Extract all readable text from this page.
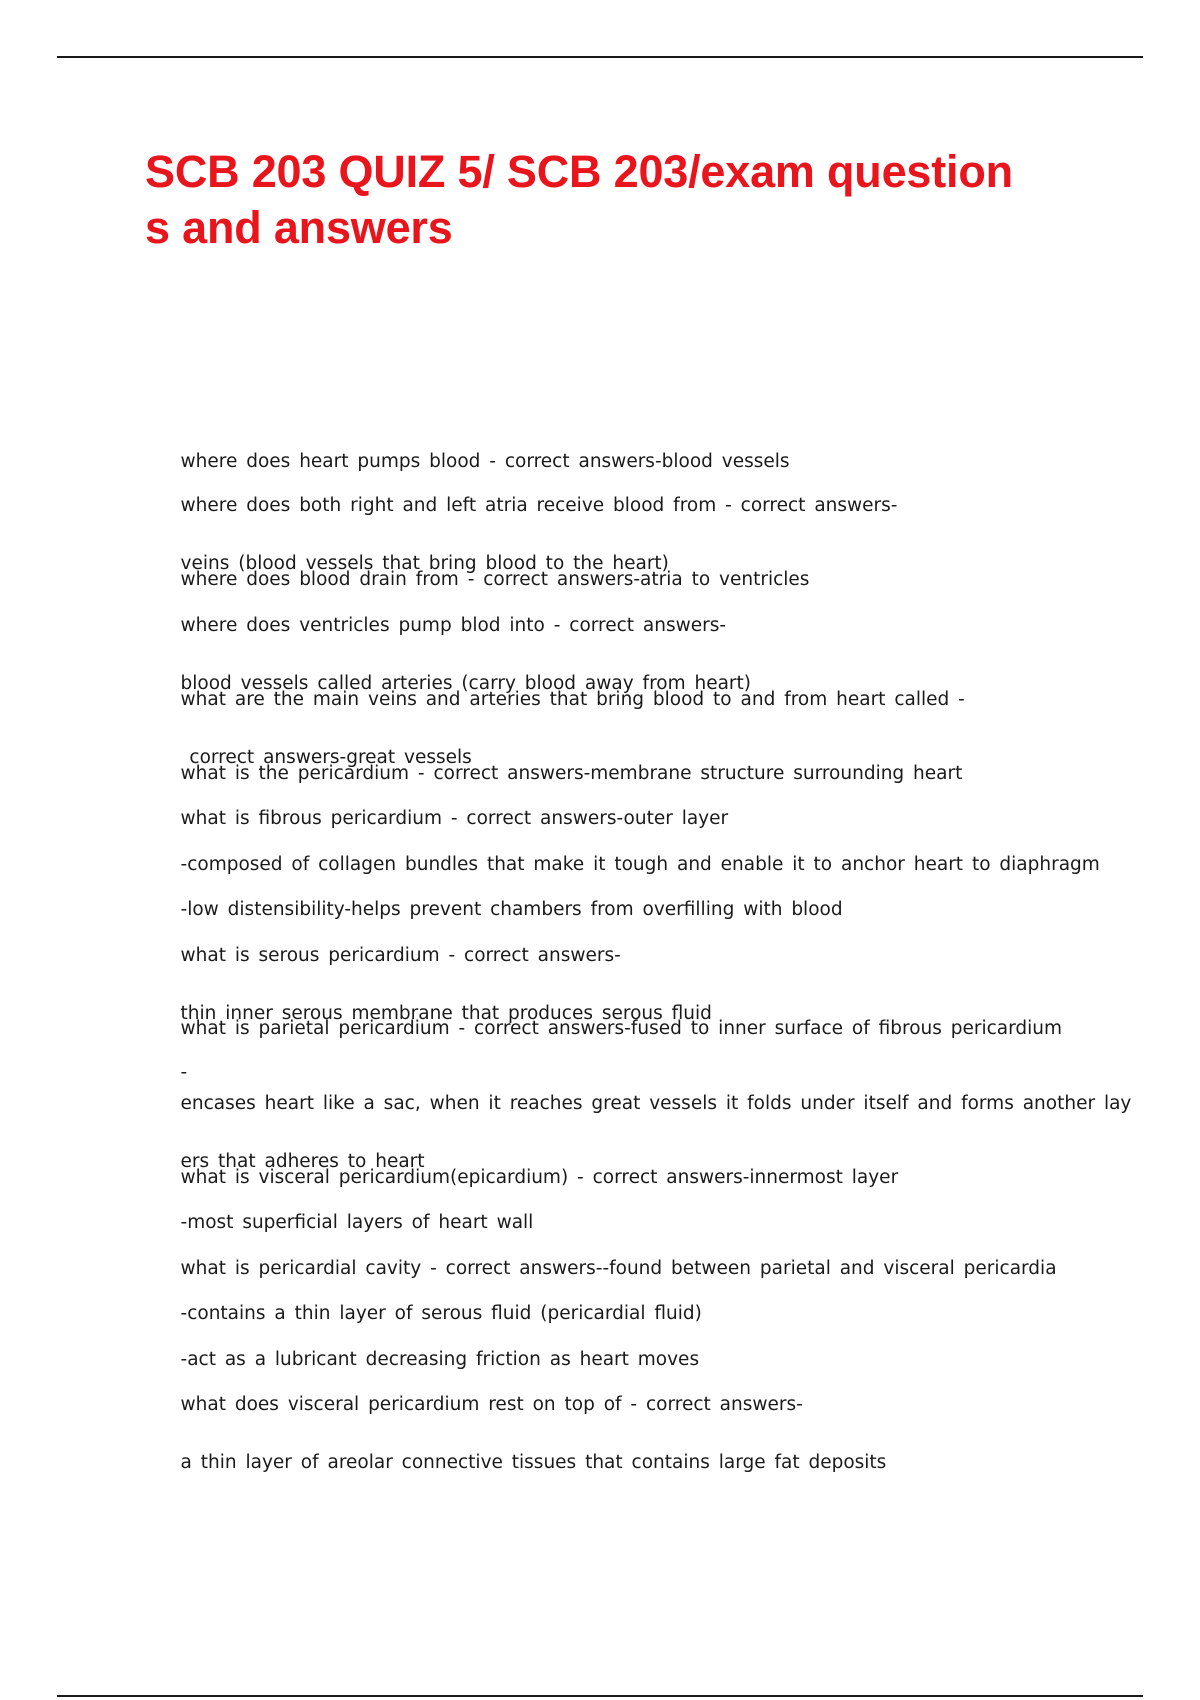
SCB 203 QUIZ 5/ SCB 203/exam question
s and answers

where does heart pumps blood - correct answers-blood vessels

where does both right and left atria receive blood from - correct answers-

veins (blood vessels that bring blood to the heart)

where does blood drain from - correct answers-atria to ventricles

where does ventricles pump blod into - correct answers-

blood vessels called arteries (carry blood away from heart)

what are the main veins and arteries that bring blood to and from heart called -

correct answers-great vessels

what is the pericardium - correct answers-membrane structure surrounding heart

what is fibrous pericardium - correct answers-outer layer

-composed of collagen bundles that make it tough and enable it to anchor heart to diaphragm

-low distensibility-helps prevent chambers from overfilling with blood

what is serous pericardium - correct answers-

thin inner serous membrane that produces serous fluid

what is parietal pericardium - correct answers-fused to inner surface of fibrous pericardium

-

encases heart like a sac, when it reaches great vessels it folds under itself and forms another lay

ers that adheres to heart

what is visceral pericardium(epicardium) - correct answers-innermost layer

-most superficial layers of heart wall

what is pericardial cavity - correct answers--found between parietal and visceral pericardia

-contains a thin layer of serous fluid (pericardial fluid)

-act as a lubricant decreasing friction as heart moves

what does visceral pericardium rest on top of - correct answers-

a thin layer of areolar connective tissues that contains large fat deposits
